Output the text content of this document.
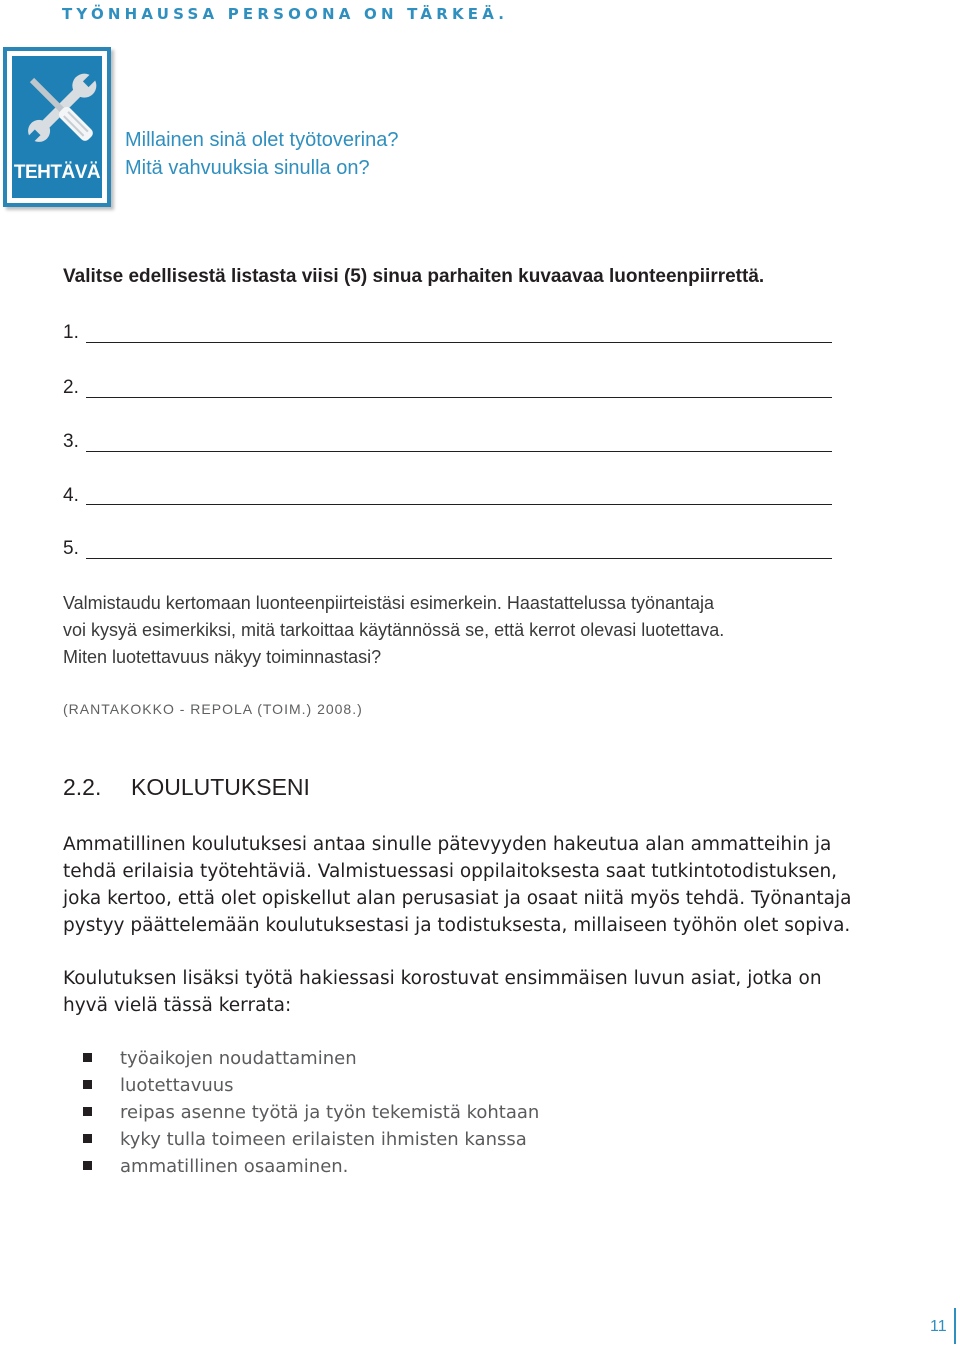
TYÖNHAUSSA PERSOONA ON TÄRKEÄ.
TEHTÄVÄ
Millainen sinä olet työtoverina?
Mitä vahvuuksia sinulla on?
Valitse edellisestä listasta viisi (5) sinua parhaiten kuvaavaa luonteenpiirrettä.
1.
2.
3.
4.
5.
Valmistaudu kertomaan luonteenpiirteistäsi esimerkein. Haastattelussa työnantaja
voi kysyä esimerkiksi, mitä tarkoittaa käytännössä se, että kerrot olevasi luotettava.
Miten luotettavuus näkyy toiminnastasi?
(RANTAKOKKO - REPOLA (TOIM.) 2008.)
2.2. KOULUTUKSENI
Ammatillinen koulutuksesi antaa sinulle pätevyyden hakeutua alan ammatteihin ja
tehdä erilaisia työtehtäviä. Valmistuessasi oppilaitoksesta saat tutkintotodistuksen,
joka kertoo, että olet opiskellut alan perusasiat ja osaat niitä myös tehdä. Työnantaja
pystyy päättelemään koulutuksestasi ja todistuksesta, millaiseen työhön olet sopiva.
Koulutuksen lisäksi työtä hakiessasi korostuvat ensimmäisen luvun asiat, jotka on
hyvä vielä tässä kerrata:
työaikojen noudattaminen
luotettavuus
reipas asenne työtä ja työn tekemistä kohtaan
kyky tulla toimeen erilaisten ihmisten kanssa
ammatillinen osaaminen.
11
